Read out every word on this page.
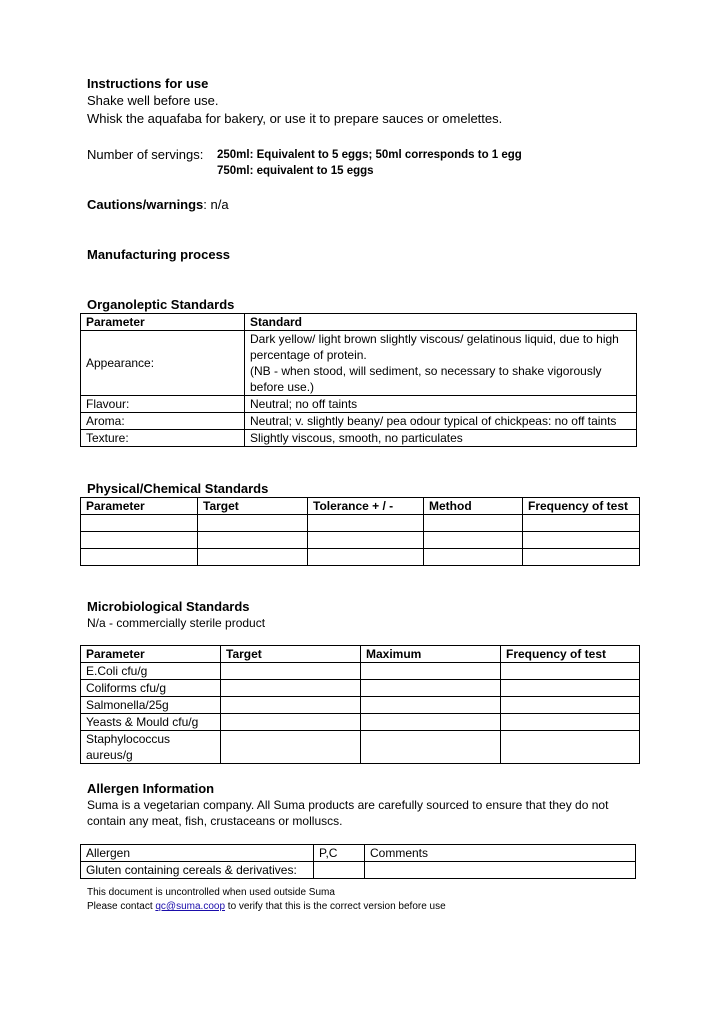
Instructions for use
Shake well before use.
Whisk the aquafaba for bakery, or use it to prepare sauces or omelettes.
Number of servings:	250ml: Equivalent to 5 eggs; 50ml corresponds to 1 egg
750ml: equivalent to 15 eggs
Cautions/warnings: n/a
Manufacturing process
Organoleptic Standards
Parameter	Standard
Appearance:	Dark yellow/ light brown slightly viscous/ gelatinous liquid, due to high percentage of protein.
(NB - when stood, will sediment, so necessary to shake vigorously before use.)

Flavour:	Neutral; no off taints
Aroma:	Neutral; v. slightly beany/ pea odour typical of chickpeas: no off taints
Texture:	Slightly viscous, smooth, no particulates
Physical/Chemical Standards
Parameter	Target	Tolerance + / -	Method	Frequency of test

Microbiological Standards
N/a - commercially sterile product
Parameter	Target	Maximum	Frequency of test
E.Coli cfu/g			
Coliforms cfu/g			
Salmonella/25g			
Yeasts & Mould cfu/g			
Staphylococcus aureus/g			
Allergen Information
Suma is a vegetarian company. All Suma products are carefully sourced to ensure that they do not contain any meat, fish, crustaceans or molluscs.
Allergen	P,C	Comments
Gluten containing cereals & derivatives:		
This document is uncontrolled when used outside Suma
Please contact qc@suma.coop to verify that this is the correct version before use
